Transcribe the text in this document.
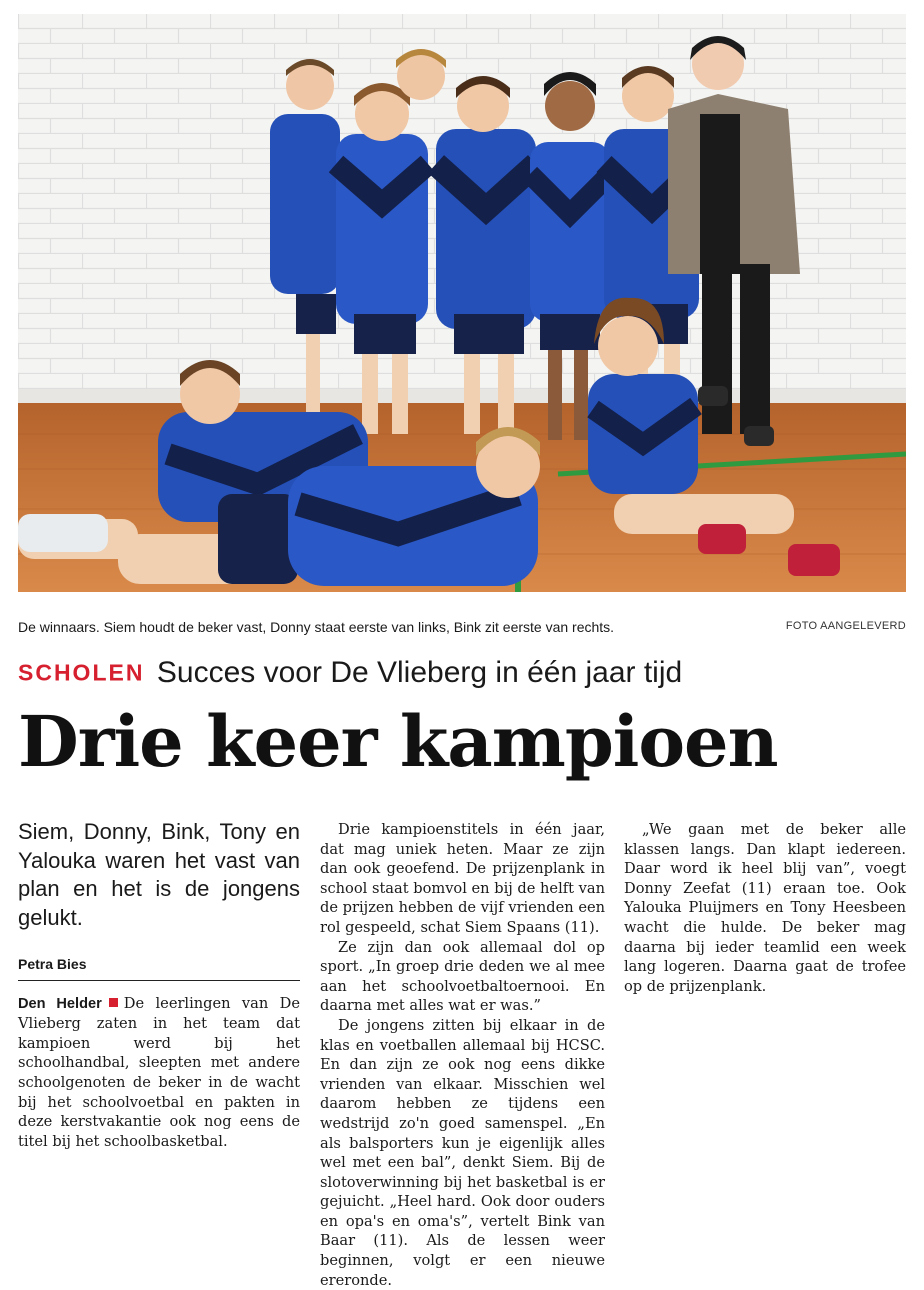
De winnaars. Siem houdt de beker vast, Donny staat eerste van links, Bink zit eerste van rechts.	FOTO AANGELEVERD
SCHOLEN Succes voor De Vlieberg in één jaar tijd
Drie keer kampioen

Siem, Donny, Bink, Tony en Yalouka waren het vast van plan en het is de jongens gelukt.

Petra Bies

Den Helder De leerlingen van De Vlieberg zaten in het team dat kampioen werd bij het schoolhandbal, sleepten met andere schoolgenoten de beker in de wacht bij het schoolvoetbal en pakten in deze kerstvakantie ook nog eens de titel bij het schoolbasketbal.

Drie kampioenstitels in één jaar, dat mag uniek heten. Maar ze zijn dan ook geoefend. De prijzenplank in school staat bomvol en bij de helft van de prijzen hebben de vijf vrienden een rol gespeeld, schat Siem Spaans (11).

Ze zijn dan ook allemaal dol op sport. „In groep drie deden we al mee aan het schoolvoetbaltoernooi. En daarna met alles wat er was.”

De jongens zitten bij elkaar in de klas en voetballen allemaal bij HCSC. En dan zijn ze ook nog eens dikke vrienden van elkaar. Misschien wel daarom hebben ze tijdens een wedstrijd zo'n goed samenspel. „En als balsporters kun je eigenlijk alles wel met een bal”, denkt Siem. Bij de slotoverwinning bij het basketbal is er gejuicht. „Heel hard. Ook door ouders en opa's en oma's”, vertelt Bink van Baar (11). Als de lessen weer beginnen, volgt er een nieuwe ereronde.

„We gaan met de beker alle klassen langs. Dan klapt iedereen. Daar word ik heel blij van”, voegt Donny Zeefat (11) eraan toe. Ook Yalouka Pluijmers en Tony Heesbeen wacht die hulde. De beker mag daarna bij ieder teamlid een week lang logeren. Daarna gaat de trofee op de prijzenplank.
